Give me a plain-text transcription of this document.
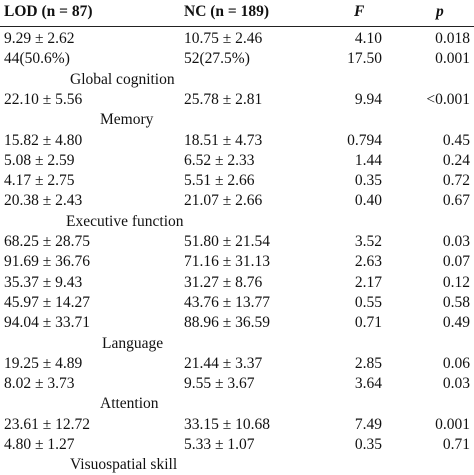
LOD (n = 87)	NC (n = 189)	F	p
9.29 ± 2.62	10.75 ± 2.46	4.10	0.018
44(50.6%)	52(27.5%)	17.50	0.001
Global cognition
22.10 ± 5.56	25.78 ± 2.81	9.94	<0.001
Memory
15.82 ± 4.80	18.51 ± 4.73	0.794	0.45
5.08 ± 2.59	6.52 ± 2.33	1.44	0.24
4.17 ± 2.75	5.51 ± 2.66	0.35	0.72
20.38 ± 2.43	21.07 ± 2.66	0.40	0.67
Executive function
68.25 ± 28.75	51.80 ± 21.54	3.52	0.03
91.69 ± 36.76	71.16 ± 31.13	2.63	0.07
35.37 ± 9.43	31.27 ± 8.76	2.17	0.12
45.97 ± 14.27	43.76 ± 13.77	0.55	0.58
94.04 ± 33.71	88.96 ± 36.59	0.71	0.49
Language
19.25 ± 4.89	21.44 ± 3.37	2.85	0.06
8.02 ± 3.73	9.55 ± 3.67	3.64	0.03
Attention
23.61 ± 12.72	33.15 ± 10.68	7.49	0.001
4.80 ± 1.27	5.33 ± 1.07	0.35	0.71
Visuospatial skill
